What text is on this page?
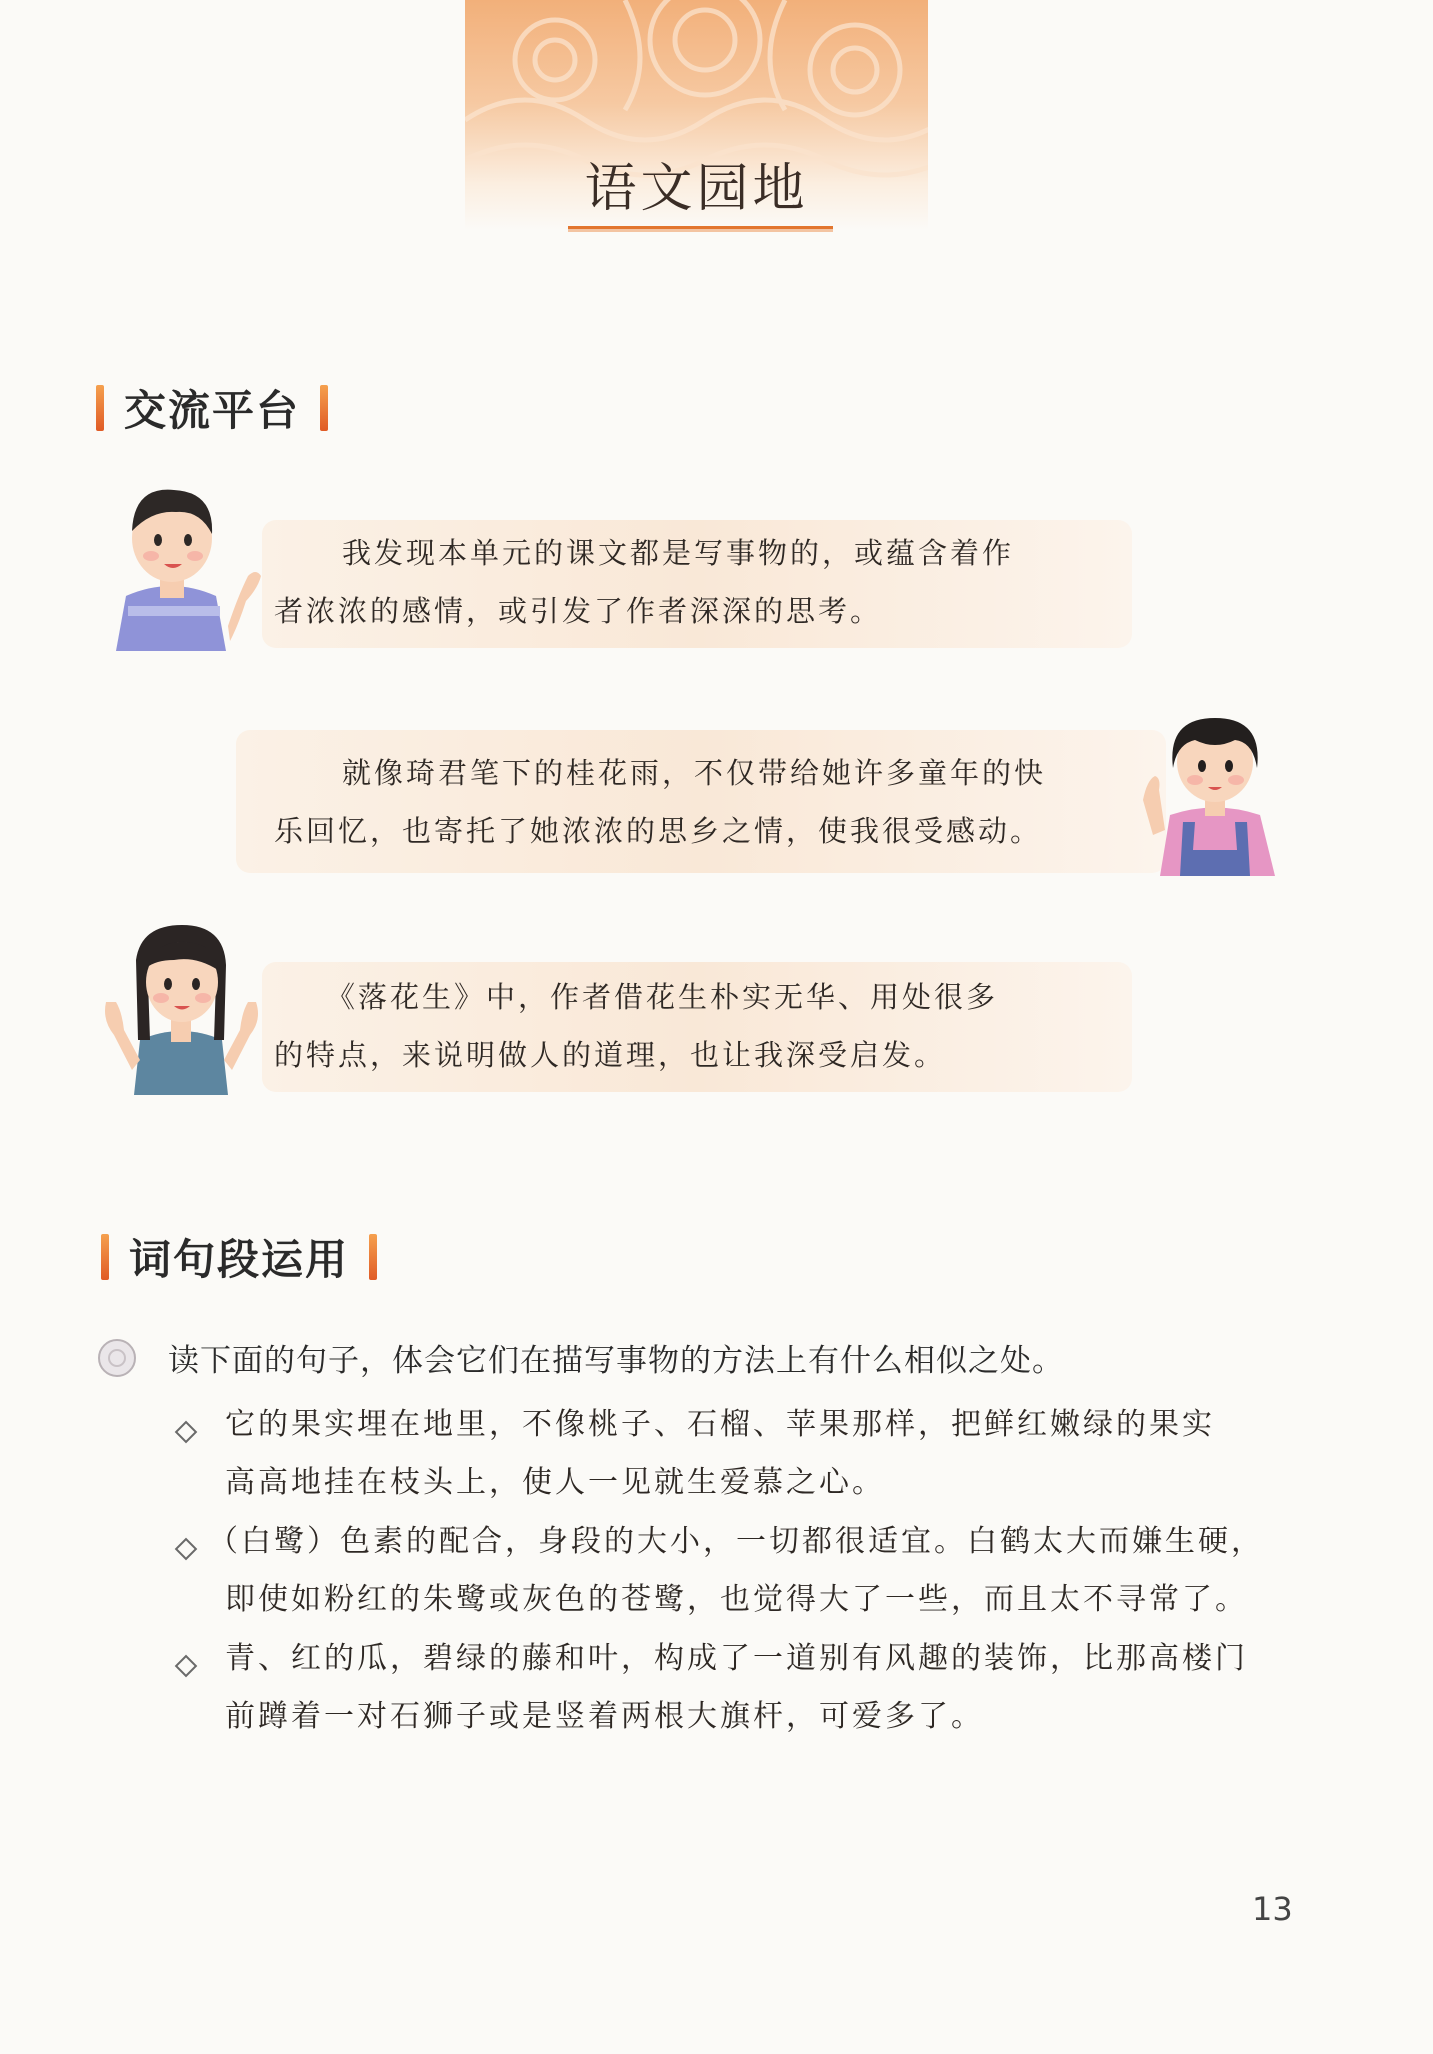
语文园地
交流平台
我发现本单元的课文都是写事物的，或蕴含着作
者浓浓的感情，或引发了作者深深的思考。
就像琦君笔下的桂花雨，不仅带给她许多童年的快
乐回忆，也寄托了她浓浓的思乡之情，使我很受感动。
《落花生》中，作者借花生朴实无华、用处很多
的特点，来说明做人的道理，也让我深受启发。
词句段运用
读下面的句子，体会它们在描写事物的方法上有什么相似之处。
它的果实埋在地里，不像桃子、石榴、苹果那样，把鲜红嫩绿的果实
高高地挂在枝头上，使人一见就生爱慕之心。
（白鹭）色素的配合，身段的大小，一切都很适宜。白鹤太大而嫌生硬，
即使如粉红的朱鹭或灰色的苍鹭，也觉得大了一些，而且太不寻常了。
青、红的瓜，碧绿的藤和叶，构成了一道别有风趣的装饰，比那高楼门
前蹲着一对石狮子或是竖着两根大旗杆，可爱多了。
13
